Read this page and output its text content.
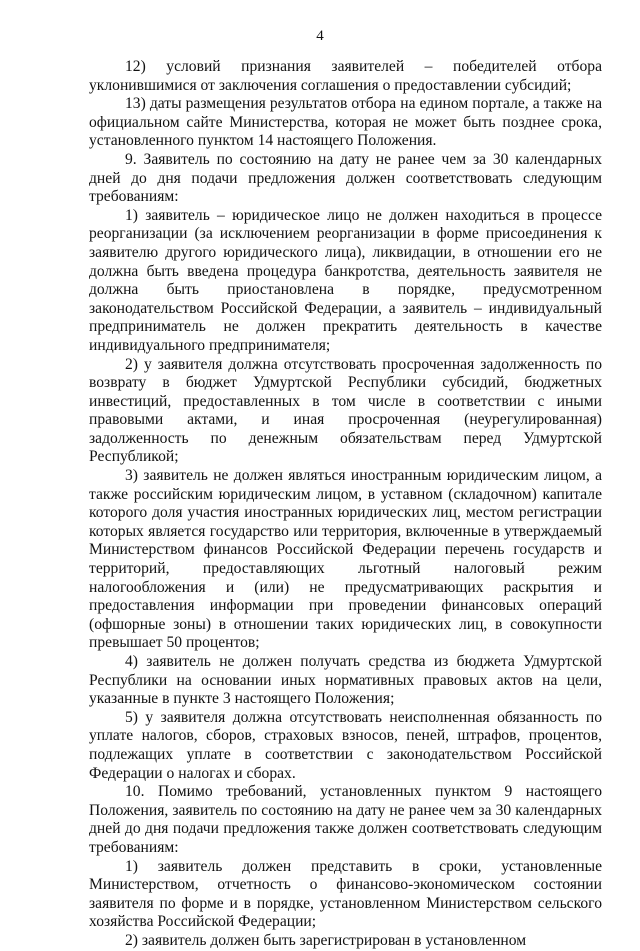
4

12) условий признания заявителей – победителей отбора уклонившимися от заключения соглашения о предоставлении субсидий;

13) даты размещения результатов отбора на едином портале, а также на официальном сайте Министерства, которая не может быть позднее срока, установленного пунктом 14 настоящего Положения.

9. Заявитель по состоянию на дату не ранее чем за 30 календарных дней до дня подачи предложения должен соответствовать следующим требованиям:

1) заявитель – юридическое лицо не должен находиться в процессе реорганизации (за исключением реорганизации в форме присоединения к заявителю другого юридического лица), ликвидации, в отношении его не должна быть введена процедура банкротства, деятельность заявителя не должна быть приостановлена в порядке, предусмотренном законодательством Российской Федерации, а заявитель – индивидуальный предприниматель не должен прекратить деятельность в качестве индивидуального предпринимателя;

2) у заявителя должна отсутствовать просроченная задолженность по возврату в бюджет Удмуртской Республики субсидий, бюджетных инвестиций, предоставленных в том числе в соответствии с иными правовыми актами, и иная просроченная (неурегулированная) задолженность по денежным обязательствам перед Удмуртской Республикой;

3) заявитель не должен являться иностранным юридическим лицом, а также российским юридическим лицом, в уставном (складочном) капитале которого доля участия иностранных юридических лиц, местом регистрации которых является государство или территория, включенные в утверждаемый Министерством финансов Российской Федерации перечень государств и территорий, предоставляющих льготный налоговый режим налогообложения и (или) не предусматривающих раскрытия и предоставления информации при проведении финансовых операций (офшорные зоны) в отношении таких юридических лиц, в совокупности превышает 50 процентов;

4) заявитель не должен получать средства из бюджета Удмуртской Республики на основании иных нормативных правовых актов на цели, указанные в пункте 3 настоящего Положения;

5) у заявителя должна отсутствовать неисполненная обязанность по уплате налогов, сборов, страховых взносов, пеней, штрафов, процентов, подлежащих уплате в соответствии с законодательством Российской Федерации о налогах и сборах.

10. Помимо требований, установленных пунктом 9 настоящего Положения, заявитель по состоянию на дату не ранее чем за 30 календарных дней до дня подачи предложения также должен соответствовать следующим требованиям:

1) заявитель должен представить в сроки, установленные Министерством, отчетность о финансово-экономическом состоянии заявителя по форме и в порядке, установленном Министерством сельского хозяйства Российской Федерации;

2) заявитель должен быть зарегистрирован в установленном
